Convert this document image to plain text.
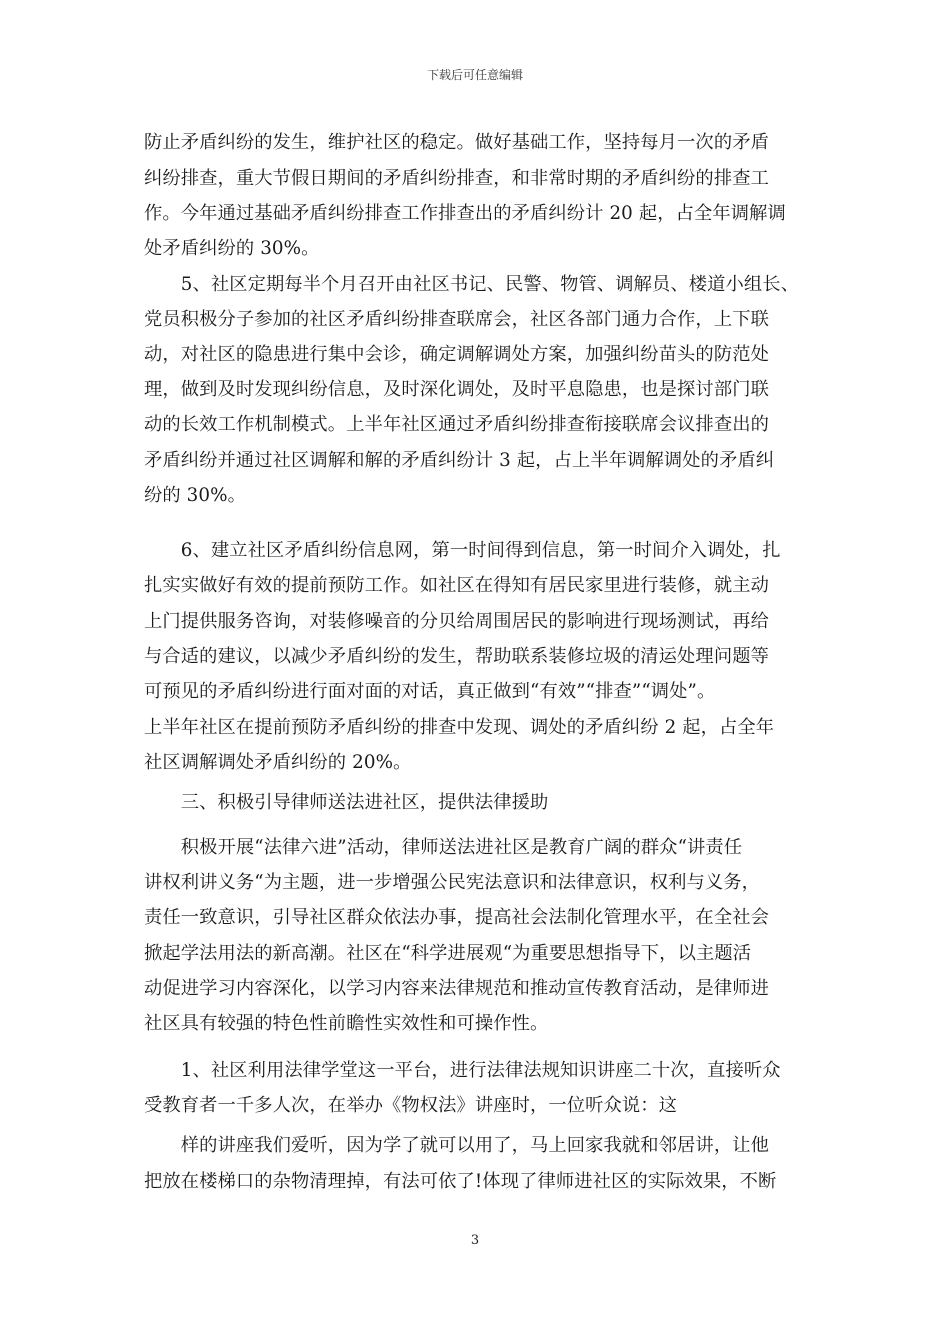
下载后可任意编辑
防止矛盾纠纷的发生，维护社区的稳定。做好基础工作，坚持每月一次的矛盾
纠纷排查，重大节假日期间的矛盾纠纷排查，和非常时期的矛盾纠纷的排查工
作。今年通过基础矛盾纠纷排查工作排查出的矛盾纠纷计 20 起，占全年调解调
处矛盾纠纷的 30%。
　　5、社区定期每半个月召开由社区书记、民警、物管、调解员、楼道小组长、
党员积极分子参加的社区矛盾纠纷排查联席会，社区各部门通力合作，上下联
动，对社区的隐患进行集中会诊，确定调解调处方案，加强纠纷苗头的防范处
理，做到及时发现纠纷信息，及时深化调处，及时平息隐患，也是探讨部门联
动的长效工作机制模式。上半年社区通过矛盾纠纷排查衔接联席会议排查出的
矛盾纠纷并通过社区调解和解的矛盾纠纷计 3 起，占上半年调解调处的矛盾纠
纷的 30%。
　　6、建立社区矛盾纠纷信息网，第一时间得到信息，第一时间介入调处，扎
扎实实做好有效的提前预防工作。如社区在得知有居民家里进行装修，就主动
上门提供服务咨询，对装修噪音的分贝给周围居民的影响进行现场测试，再给
与合适的建议，以减少矛盾纠纷的发生，帮助联系装修垃圾的清运处理问题等
可预见的矛盾纠纷进行面对面的对话，真正做到“有效”“排查”“调处”。
上半年社区在提前预防矛盾纠纷的排查中发现、调处的矛盾纠纷 2 起，占全年
社区调解调处矛盾纠纷的 20%。
　　三、积极引导律师送法进社区，提供法律援助
　　积极开展“法律六进”活动，律师送法进社区是教育广阔的群众“讲责任
讲权利讲义务“为主题，进一步增强公民宪法意识和法律意识，权利与义务，
责任一致意识，引导社区群众依法办事，提高社会法制化管理水平，在全社会
掀起学法用法的新高潮。社区在“科学进展观“为重要思想指导下，以主题活
动促进学习内容深化，以学习内容来法律规范和推动宣传教育活动，是律师进
社区具有较强的特色性前瞻性实效性和可操作性。
　　1、社区利用法律学堂这一平台，进行法律法规知识讲座二十次，直接听众
受教育者一千多人次，在举办《物权法》讲座时，一位听众说：这
　　样的讲座我们爱听，因为学了就可以用了，马上回家我就和邻居讲，让他
把放在楼梯口的杂物清理掉，有法可依了!体现了律师进社区的实际效果，不断
3
